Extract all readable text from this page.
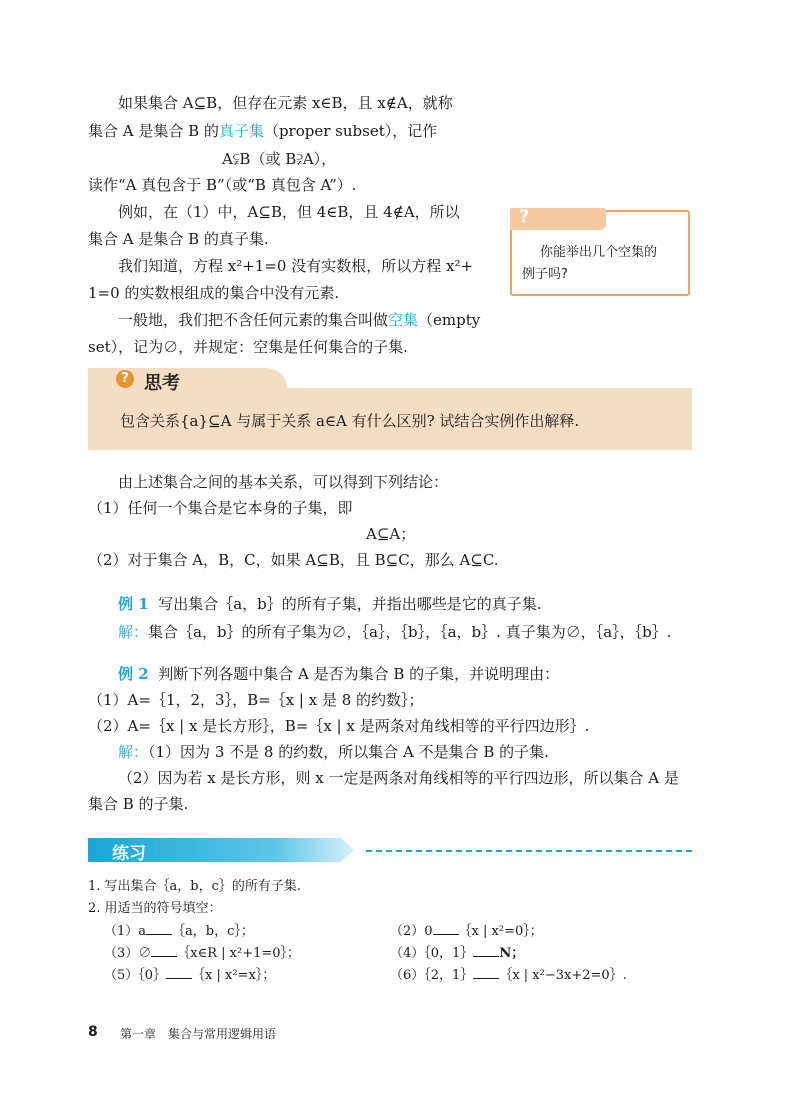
如果集合 A⊆B，但存在元素 x∈B，且 x∉A，就称
集合 A 是集合 B 的真子集（proper subset），记作
A⫋B（或 B⫌A），
读作“A 真包含于 B”（或“B 真包含 A”）.
例如，在（1）中，A⊆B，但 4∈B，且 4∉A，所以
集合 A 是集合 B 的真子集.
我们知道，方程 x²+1=0 没有实数根，所以方程 x²+
1=0 的实数根组成的集合中没有元素.
一般地，我们把不含任何元素的集合叫做空集（empty
set），记为∅，并规定：空集是任何集合的子集.
?
你能举出几个空集的
例子吗?
? 思考
包含关系{a}⊆A 与属于关系 a∈A 有什么区别? 试结合实例作出解释.
由上述集合之间的基本关系，可以得到下列结论：
（1）任何一个集合是它本身的子集，即
A⊆A；
（2）对于集合 A，B，C，如果 A⊆B，且 B⊆C，那么 A⊆C.
例 1 写出集合｛a，b｝的所有子集，并指出哪些是它的真子集.
解：集合｛a，b｝的所有子集为∅，｛a｝，｛b｝，｛a，b｝. 真子集为∅，｛a｝，｛b｝.
例 2 判断下列各题中集合 A 是否为集合 B 的子集，并说明理由：
（1）A=｛1，2，3｝，B=｛x | x 是 8 的约数｝；
（2）A=｛x | x 是长方形｝，B=｛x | x 是两条对角线相等的平行四边形｝.
解：（1）因为 3 不是 8 的约数，所以集合 A 不是集合 B 的子集.
（2）因为若 x 是长方形，则 x 一定是两条对角线相等的平行四边形，所以集合 A 是
集合 B 的子集.
练习
1. 写出集合｛a，b，c｝的所有子集.
2. 用适当的符号填空：
（1）a ｛a，b，c｝；	（2）0 ｛x | x²=0｝；
（3）∅ ｛x∈R | x²+1=0｝；	（4）｛0，1｝ N；
（5）｛0｝ ｛x | x²=x｝；	（6）｛2，1｝ ｛x | x²−3x+2=0｝.
8 第一章　集合与常用逻辑用语
